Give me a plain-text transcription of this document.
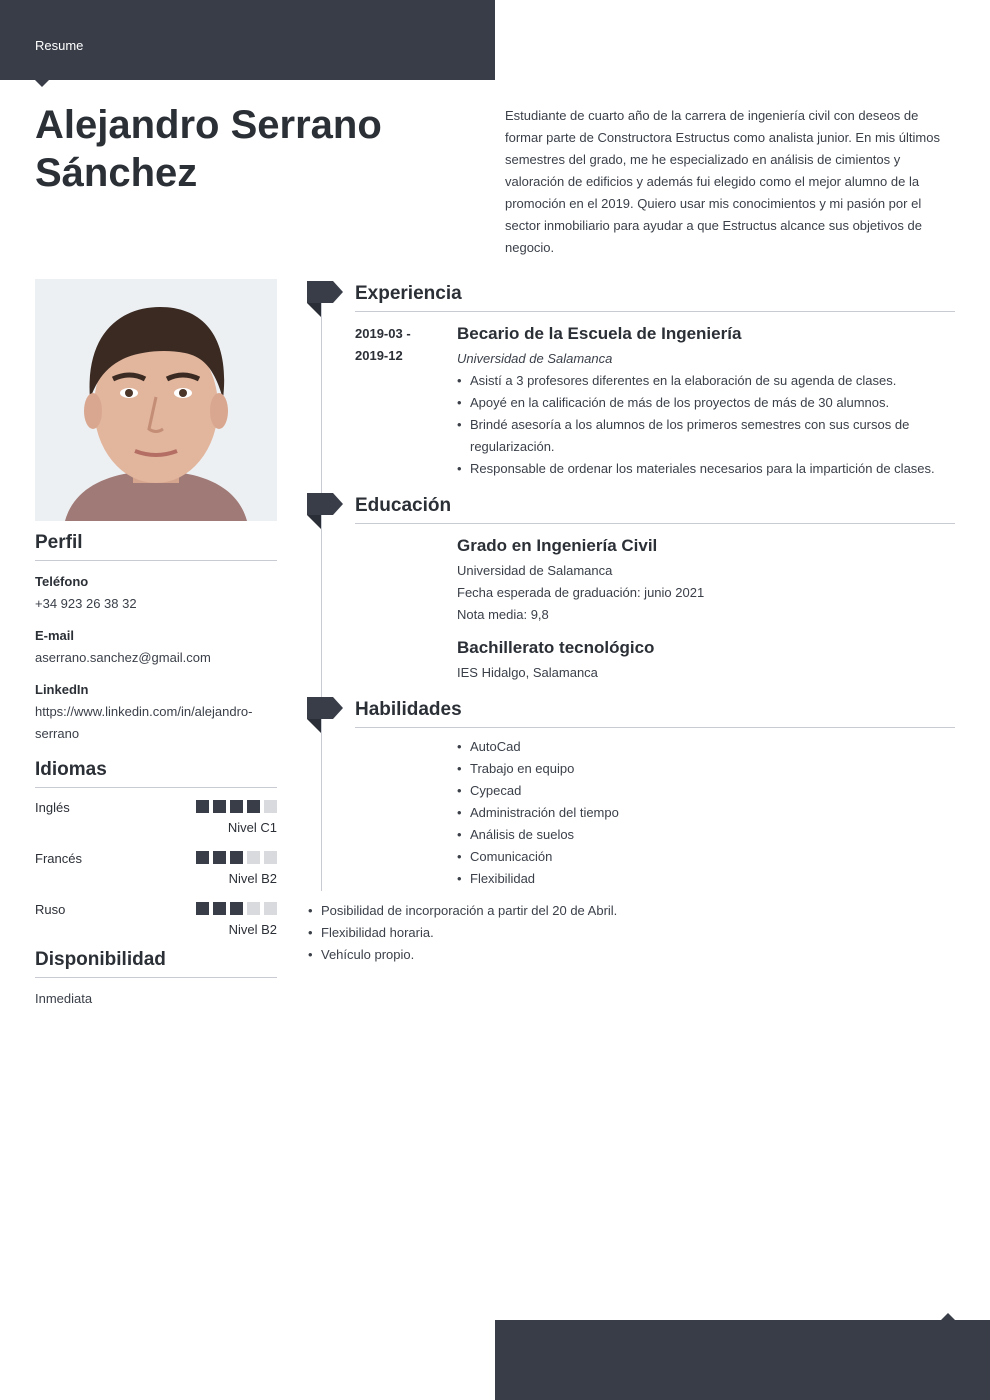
Resume
Alejandro Serrano Sánchez

Estudiante de cuarto año de la carrera de ingeniería civil con deseos de formar parte de Constructora Estructus como analista junior. En mis últimos semestres del grado, me he especializado en análisis de cimientos y valoración de edificios y además fui elegido como el mejor alumno de la promoción en el 2019. Quiero usar mis conocimientos y mi pasión por el sector inmobiliario para ayudar a que Estructus alcance sus objetivos de negocio.

Perfil
Teléfono
+34 923 26 38 32
E-mail
aserrano.sanchez@gmail.com
LinkedIn
https://www.linkedin.com/in/alejandro-serrano
Idiomas
Inglés
Nivel C1
Francés
Nivel B2
Ruso
Nivel B2
Disponibilidad
Inmediata
Experiencia
2019-03 -
2019-12
Becario de la Escuela de Ingeniería
Universidad de Salamanca
• Asistí a 3 profesores diferentes en la elaboración de su agenda de clases.
• Apoyé en la calificación de más de los proyectos de más de 30 alumnos.
• Brindé asesoría a los alumnos de los primeros semestres con sus cursos de regularización.
• Responsable de ordenar los materiales necesarios para la impartición de clases.
Educación
Grado en Ingeniería Civil
Universidad de Salamanca
Fecha esperada de graduación: junio 2021
Nota media: 9,8
Bachillerato tecnológico
IES Hidalgo, Salamanca
Habilidades
• AutoCad
• Trabajo en equipo
• Cypecad
• Administración del tiempo
• Análisis de suelos
• Comunicación
• Flexibilidad
• Posibilidad de incorporación a partir del 20 de Abril.
• Flexibilidad horaria.
• Vehículo propio.
